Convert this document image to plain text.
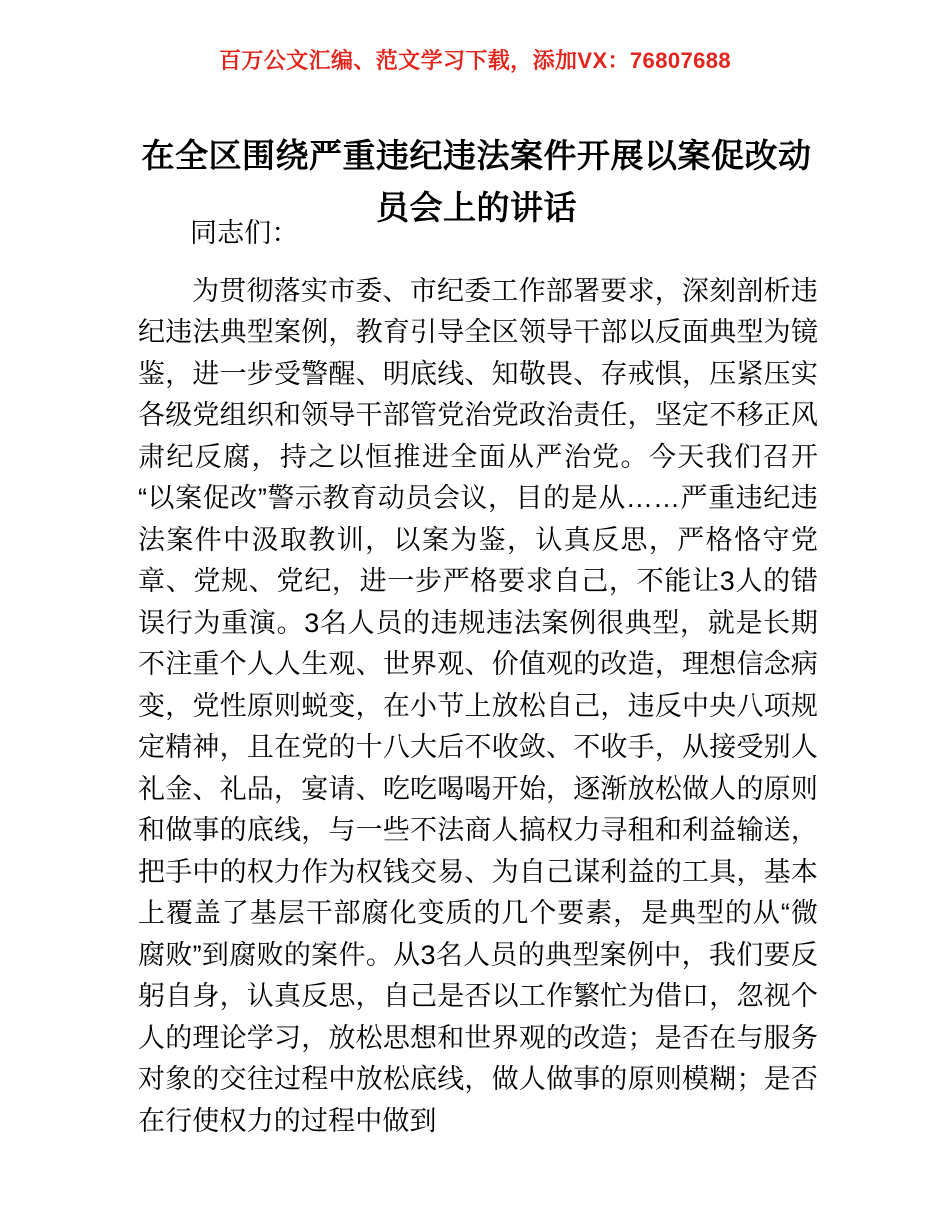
百万公文汇编、范文学习下载，添加VX：76807688
在全区围绕严重违纪违法案件开展以案促改动员会上的讲话

同志们：

为贯彻落实市委、市纪委工作部署要求，深刻剖析违纪违法典型案例，教育引导全区领导干部以反面典型为镜鉴，进一步受警醒、明底线、知敬畏、存戒惧，压紧压实各级党组织和领导干部管党治党政治责任，坚定不移正风肃纪反腐，持之以恒推进全面从严治党。今天我们召开“以案促改”警示教育动员会议，目的是从……严重违纪违法案件中汲取教训，以案为鉴，认真反思，严格恪守党章、党规、党纪，进一步严格要求自己，不能让3人的错误行为重演。3名人员的违规违法案例很典型，就是长期不注重个人人生观、世界观、价值观的改造，理想信念病变，党性原则蜕变，在小节上放松自己，违反中央八项规定精神，且在党的十八大后不收敛、不收手，从接受别人礼金、礼品，宴请、吃吃喝喝开始，逐渐放松做人的原则和做事的底线，与一些不法商人搞权力寻租和利益输送，把手中的权力作为权钱交易、为自己谋利益的工具，基本上覆盖了基层干部腐化变质的几个要素，是典型的从“微腐败”到腐败的案件。从3名人员的典型案例中，我们要反躬自身，认真反思，自己是否以工作繁忙为借口，忽视个人的理论学习，放松思想和世界观的改造；是否在与服务对象的交往过程中放松底线，做人做事的原则模糊；是否在行使权力的过程中做到
